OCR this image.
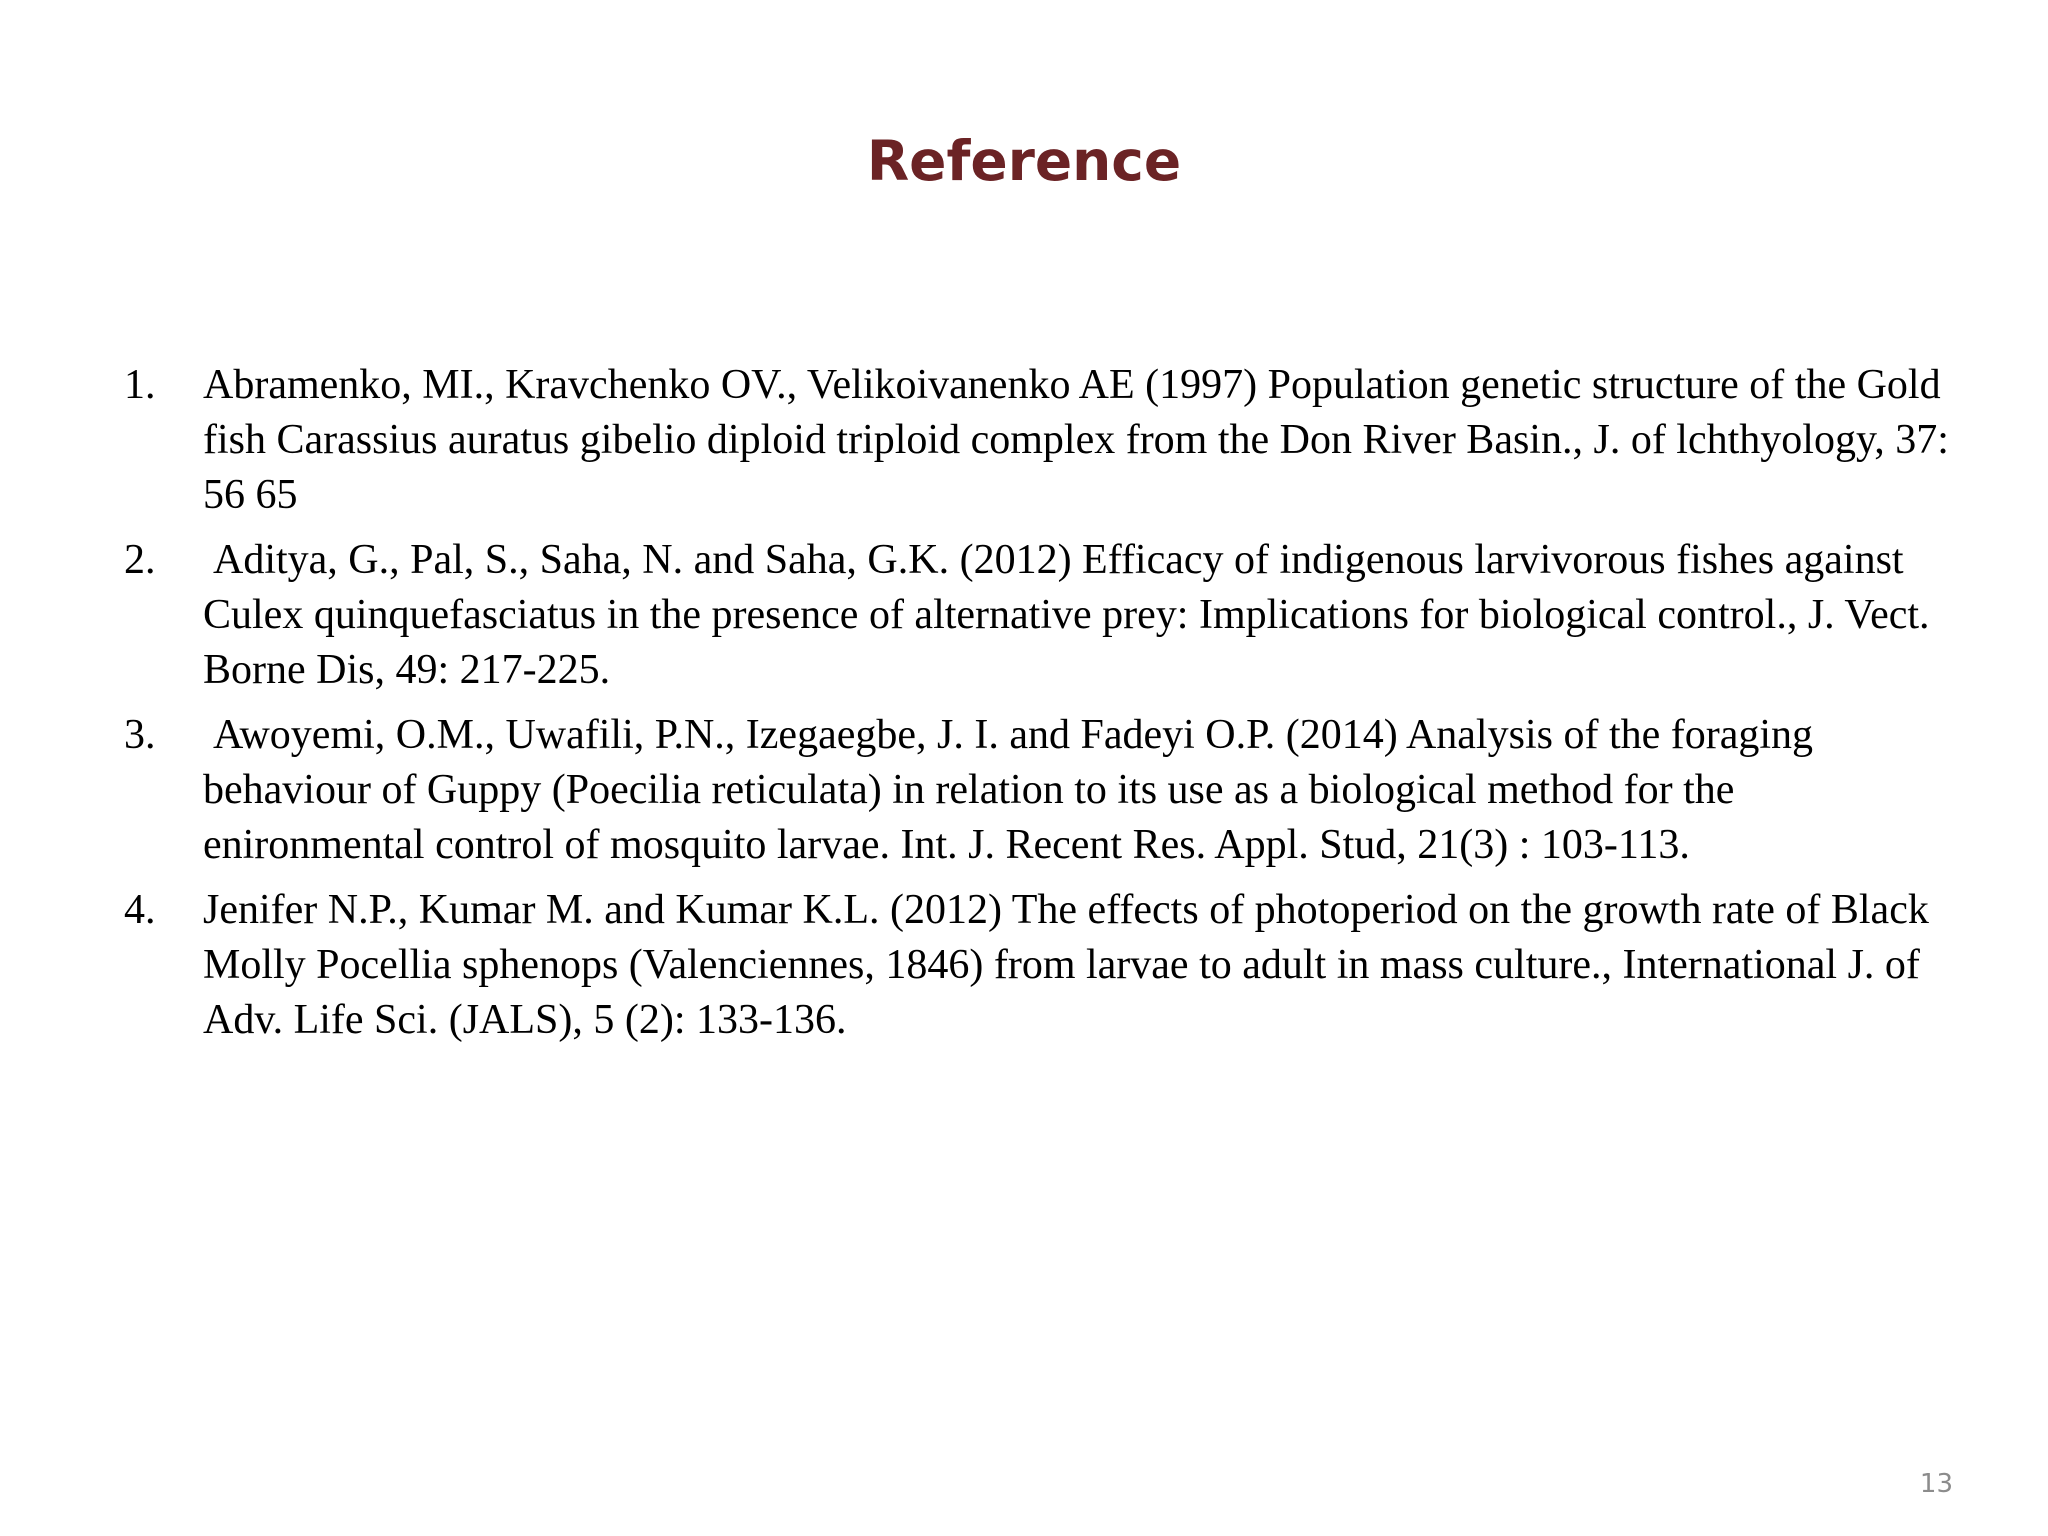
Reference
1. Abramenko, MI., Kravchenko OV., Velikoivanenko AE (1997) Population genetic structure of the Gold fish Carassius auratus gibelio diploid triploid complex from the Don River Basin., J. of lchthyology, 37: 56 65
2. Aditya, G., Pal, S., Saha, N. and Saha, G.K. (2012) Efficacy of indigenous larvivorous fishes against Culex quinquefasciatus in the presence of alternative prey: Implications for biological control., J. Vect. Borne Dis, 49: 217-225.
3. Awoyemi, O.M., Uwafili, P.N., Izegaegbe, J. I. and Fadeyi O.P. (2014) Analysis of the foraging behaviour of Guppy (Poecilia reticulata) in relation to its use as a biological method for the enironmental control of mosquito larvae. Int. J. Recent Res. Appl. Stud, 21(3) : 103-113.
4. Jenifer N.P., Kumar M. and Kumar K.L. (2012) The effects of photoperiod on the growth rate of Black Molly Pocellia sphenops (Valenciennes, 1846) from larvae to adult in mass culture., International J. of Adv. Life Sci. (JALS), 5 (2): 133-136.
13
